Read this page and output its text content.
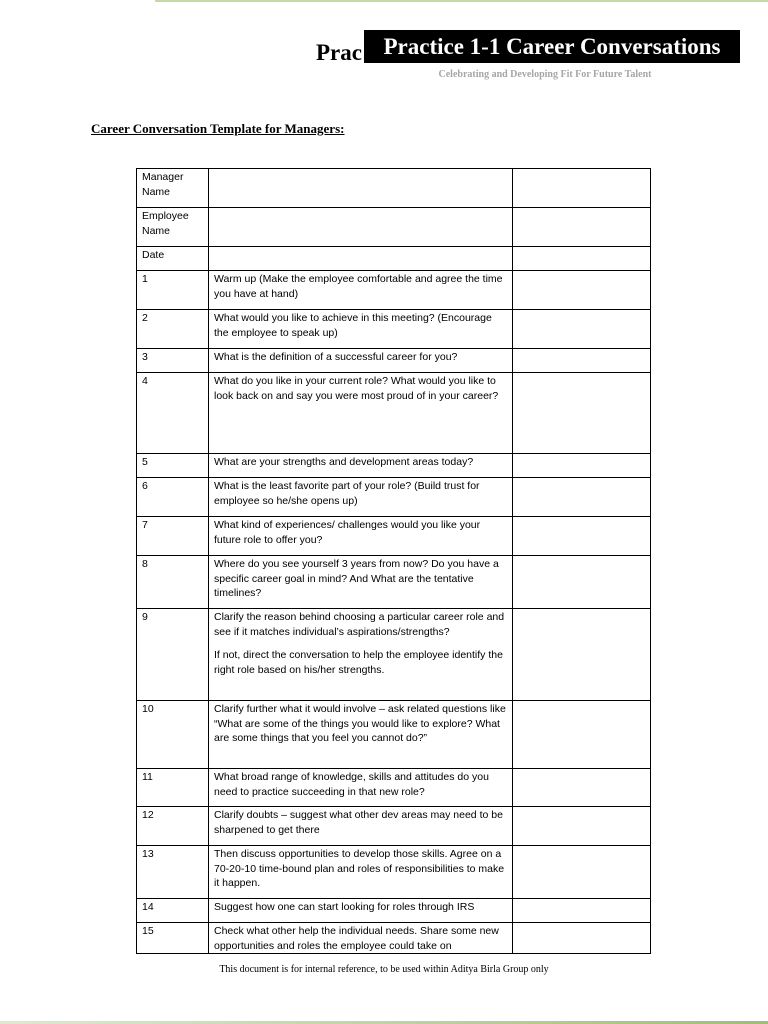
Prac Practice 1-1 Career Conversations
Celebrating and Developing Fit For Future Talent
Career Conversation Template for Managers:
Manager Name		
Employee Name		
Date		
1	Warm up (Make the employee comfortable and agree the time you have at hand)	
2	What would you like to achieve in this meeting? (Encourage the employee to speak up)	
3	What is the definition of a successful career for you?	
4	What do you like in your current role? What would you like to look back on and say you were most proud of in your career?	
5	What are your strengths and development areas today?	
6	What is the least favorite part of your role? (Build trust for employee so he/she opens up)	
7	What kind of experiences/ challenges would you like your future role to offer you?	
8	Where do you see yourself 3 years from now? Do you have a specific career goal in mind? And What are the tentative timelines?	
9	Clarify the reason behind choosing a particular career role and see if it matches individual’s aspirations/strengths?
If not, direct the conversation to help the employee identify the right role based on his/her strengths.	

10	Clarify further what it would involve – ask related questions like “What are some of the things you would like to explore? What are some things that you feel you cannot do?”	
11	What broad range of knowledge, skills and attitudes do you need to practice succeeding in that new role?	
12	Clarify doubts – suggest what other dev areas may need to be sharpened to get there	
13	Then discuss opportunities to develop those skills. Agree on a 70-20-10 time-bound plan and roles of responsibilities to make it happen.	
14	Suggest how one can start looking for roles through IRS	
15	Check what other help the individual needs. Share some new opportunities and roles the employee could take on	
This document is for internal reference, to be used within Aditya Birla Group only
